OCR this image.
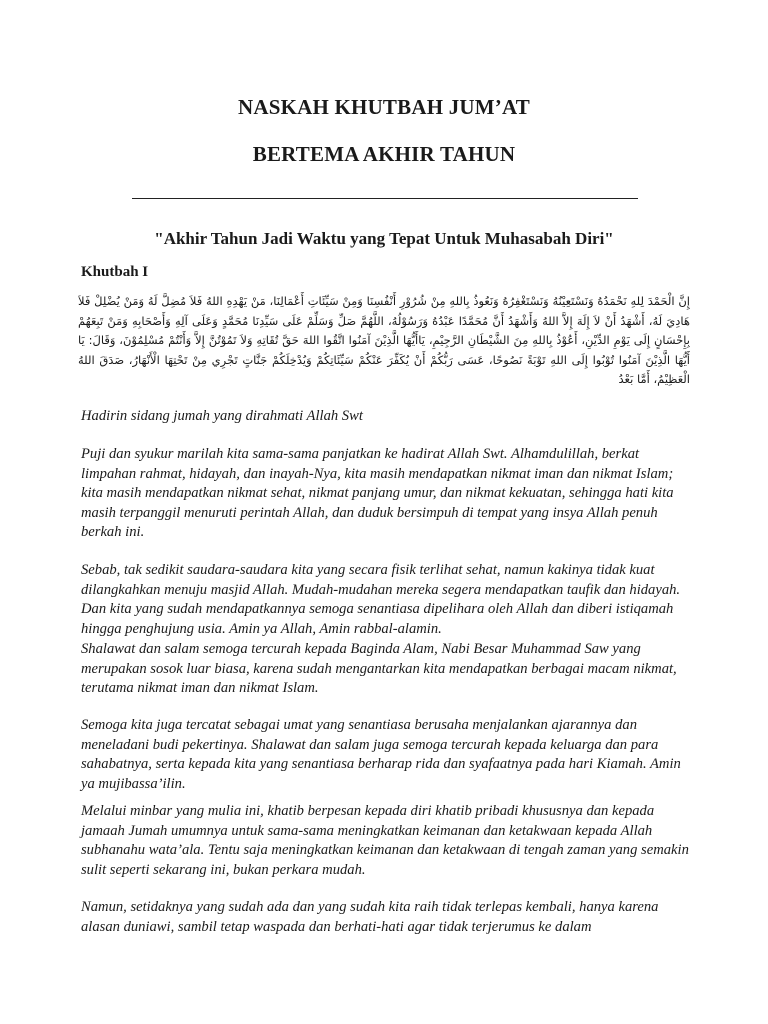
NASKAH KHUTBAH JUM’AT
BERTEMA AKHIR TAHUN
"Akhir Tahun Jadi Waktu yang Tepat Untuk Muhasabah Diri"
Khutbah I

إِنَّ الْحَمْدَ لِلهِ نَحْمَدُهُ وَنَسْتَعِيْنُهُ وَنَسْتَغْفِرُهُ وَنَعُوذُ بِاللهِ مِنْ شُرُوْرِ أَنْفُسِنَا وَمِنْ سَيِّئَاتِ أَعْمَالِنَا، مَنْ يَهْدِهِ اللهُ فَلاَ مُضِلَّ لَهُ وَمَنْ يُضْلِلْ فَلاَ هَادِيَ لَهُ، أَشْهَدُ أَنْ لاَ إِلَهَ إِلاَّ اللهُ وَأَشْهَدُ أَنَّ مُحَمَّدًا عَبْدُهُ وَرَسُوْلُهُ، اللَّهُمَّ صَلِّ وَسَلِّمْ عَلَى سَيِّدِنَا مُحَمَّدٍ وَعَلَى آلِهِ وَأَصْحَابِهِ وَمَنْ تَبِعَهُمْ بِإِحْسَانٍ إِلَى يَوْمِ الدِّيْنِ، أَعُوْذُ بِاللهِ مِنَ الشَّيْطَانِ الرَّجِيْمِ، يَاأَيُّهَا الَّذِيْنَ آمَنُوا اتَّقُوا اللهَ حَقَّ تُقَاتِهِ وَلاَ تَمُوْتُنَّ إِلاَّ وَأَنْتُمْ مُسْلِمُوْنَ، وَقَالَ: يَا أَيُّهَا الَّذِيْنَ آمَنُوا تُوْبُوا إِلَى اللهِ تَوْبَةً نَصُوحًا، عَسَى رَبُّكُمْ أَنْ يُكَفِّرَ عَنْكُمْ سَيِّئَاتِكُمْ وَيُدْخِلَكُمْ جَنَّاتٍ تَجْرِي مِنْ تَحْتِهَا الْأَنْهَارُ، صَدَقَ اللهُ الْعَظِيْمُ، أَمَّا بَعْدُ

Hadirin sidang jumah yang dirahmati Allah Swt

Puji dan syukur marilah kita sama-sama panjatkan ke hadirat Allah Swt. Alhamdulillah, berkat limpahan rahmat, hidayah, dan inayah-Nya, kita masih mendapatkan nikmat iman dan nikmat Islam; kita masih mendapatkan nikmat sehat, nikmat panjang umur, dan nikmat kekuatan, sehingga hati kita masih terpanggil menuruti perintah Allah, dan duduk bersimpuh di tempat yang insya Allah penuh berkah ini.

Sebab, tak sedikit saudara-saudara kita yang secara fisik terlihat sehat, namun kakinya tidak kuat dilangkahkan menuju masjid Allah. Mudah-mudahan mereka segera mendapatkan taufik dan hidayah. Dan kita yang sudah mendapatkannya semoga senantiasa dipelihara oleh Allah dan diberi istiqamah hingga penghujung usia. Amin ya Allah, Amin rabbal-alamin.

Shalawat dan salam semoga tercurah kepada Baginda Alam, Nabi Besar Muhammad Saw yang merupakan sosok luar biasa, karena sudah mengantarkan kita mendapatkan berbagai macam nikmat, terutama nikmat iman dan nikmat Islam.

Semoga kita juga tercatat sebagai umat yang senantiasa berusaha menjalankan ajarannya dan meneladani budi pekertinya. Shalawat dan salam juga semoga tercurah kepada keluarga dan para sahabatnya, serta kepada kita yang senantiasa berharap rida dan syafaatnya pada hari Kiamah. Amin ya mujibassa’ilin.

Melalui minbar yang mulia ini, khatib berpesan kepada diri khatib pribadi khususnya dan kepada jamaah Jumah umumnya untuk sama-sama meningkatkan keimanan dan ketakwaan kepada Allah subhanahu wata’ala. Tentu saja meningkatkan keimanan dan ketakwaan di tengah zaman yang semakin sulit seperti sekarang ini, bukan perkara mudah.

Namun, setidaknya yang sudah ada dan yang sudah kita raih tidak terlepas kembali, hanya karena alasan duniawi, sambil tetap waspada dan berhati-hati agar tidak terjerumus ke dalam
